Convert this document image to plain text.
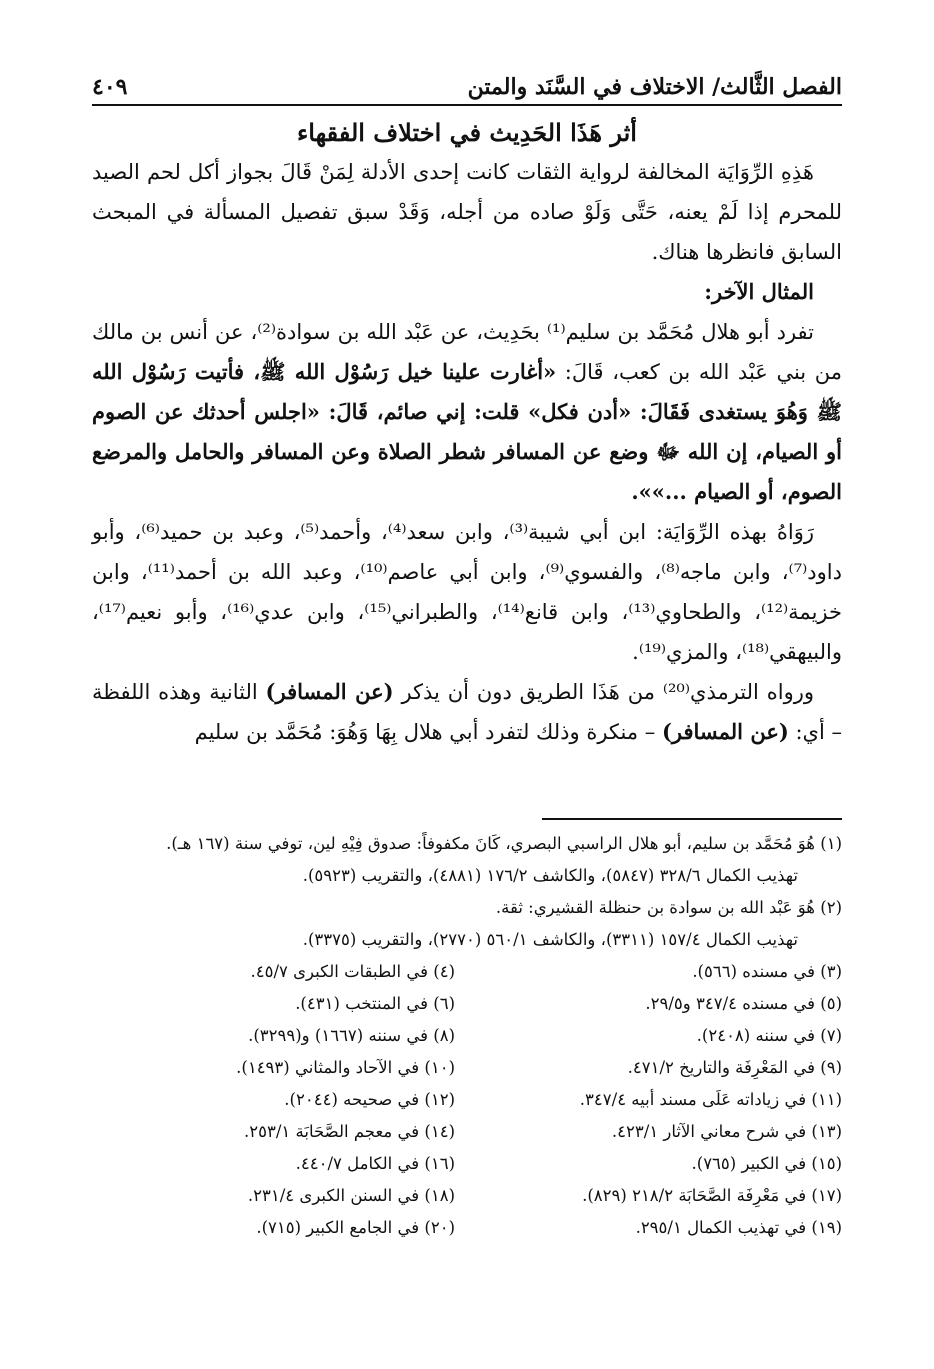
الفصل الثَّالث/ الاختلاف في السَّنَد والمتن
٤٠٩
أثر هَذَا الحَدِيث في اختلاف الفقهاء

هَذِهِ الرِّوَايَة المخالفة لرواية الثقات كانت إحدى الأدلة لِمَنْ قَالَ بجواز أكل لحم الصيد للمحرم إذا لَمْ يعنه، حَتَّى وَلَوْ صاده من أجله، وَقَدْ سبق تفصيل المسألة في المبحث السابق فانظرها هناك.

المثال الآخر:

تفرد أبو هلال مُحَمَّد بن سليم⁽¹⁾ بحَدِيث، عن عَبْد الله بن سوادة⁽²⁾، عن أنس بن مالك من بني عَبْد الله بن كعب، قَالَ: «أغارت علينا خيل رَسُوْل الله ﷺ، فأتيت رَسُوْل الله ﷺ وَهُوَ يستغدى فَقَالَ: «أدن فكل» قلت: إني صائم، قَالَ: «اجلس أحدثك عن الصوم أو الصيام، إن الله ﷻ وضع عن المسافر شطر الصلاة وعن المسافر والحامل والمرضع الصوم، أو الصيام ...»».

رَوَاهُ بهذه الرِّوَايَة: ابن أبي شيبة⁽³⁾، وابن سعد⁽⁴⁾، وأحمد⁽⁵⁾، وعبد بن حميد⁽⁶⁾، وأبو داود⁽⁷⁾، وابن ماجه⁽⁸⁾، والفسوي⁽⁹⁾، وابن أبي عاصم⁽¹⁰⁾، وعبد الله بن أحمد⁽¹¹⁾، وابن خزيمة⁽¹²⁾، والطحاوي⁽¹³⁾، وابن قانع⁽¹⁴⁾، والطبراني⁽¹⁵⁾، وابن عدي⁽¹⁶⁾، وأبو نعيم⁽¹⁷⁾، والبيهقي⁽¹⁸⁾، والمزي⁽¹⁹⁾.

ورواه الترمذي⁽²⁰⁾ من هَذَا الطريق دون أن يذكر (عن المسافر) الثانية وهذه اللفظة – أي: (عن المسافر) – منكرة وذلك لتفرد أبي هلال بِهَا وَهُوَ: مُحَمَّد بن سليم

(١) هُوَ مُحَمَّد بن سليم، أبو هلال الراسبي البصري، كَانَ مكفوفاً: صدوق فِيْهِ لين، توفي سنة (١٦٧ هـ).

تهذيب الكمال ٣٢٨/٦ (٥٨٤٧)، والكاشف ١٧٦/٢ (٤٨٨١)، والتقريب (٥٩٢٣).

(٢) هُوَ عَبْد الله بن سوادة بن حنظلة القشيري: ثقة.

تهذيب الكمال ١٥٧/٤ (٣٣١١)، والكاشف ٥٦٠/١ (٢٧٧٠)، والتقريب (٣٣٧٥).

(٣) في مسنده (٥٦٦).
(٤) في الطبقات الكبرى ٤٥/٧.
(٥) في مسنده ٣٤٧/٤ و٢٩/٥.
(٦) في المنتخب (٤٣١).
(٧) في سننه (٢٤٠٨).
(٨) في سننه (١٦٦٧) و(٣٢٩٩).
(٩) في المَعْرِفَة والتاريخ ٤٧١/٢.
(١٠) في الآحاد والمثاني (١٤٩٣).
(١١) في زياداته عَلَى مسند أبيه ٣٤٧/٤.
(١٢) في صحيحه (٢٠٤٤).
(١٣) في شرح معاني الآثار ٤٢٣/١.
(١٤) في معجم الصَّحَابَة ٢٥٣/١.
(١٥) في الكبير (٧٦٥).
(١٦) في الكامل ٤٤٠/٧.
(١٧) في مَعْرِفَة الصَّحَابَة ٢١٨/٢ (٨٢٩).
(١٨) في السنن الكبرى ٢٣١/٤.
(١٩) في تهذيب الكمال ٢٩٥/١.
(٢٠) في الجامع الكبير (٧١٥).
